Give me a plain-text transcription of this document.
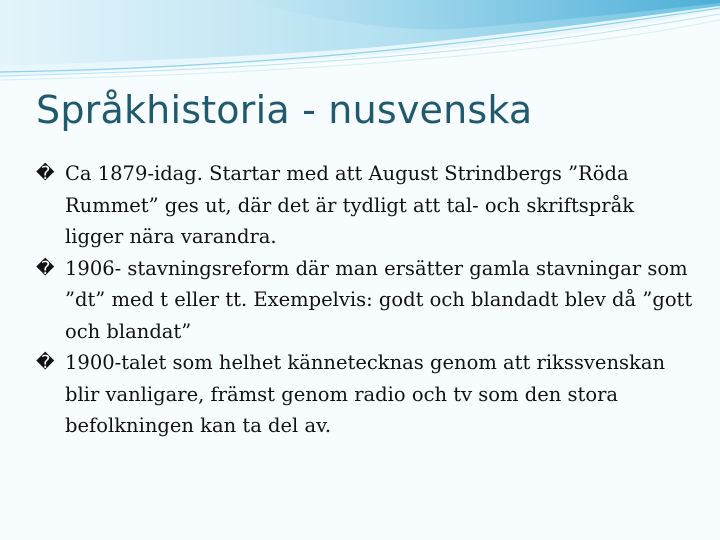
Språkhistoria - nusvenska

� Ca 1879-idag. Startar med att August Strindbergs ”Röda Rummet” ges ut, där det är tydligt att tal- och skriftspråk ligger nära varandra.

� 1906- stavningsreform där man ersätter gamla stavningar som ”dt” med t eller tt. Exempelvis: godt och blandadt blev då ”gott och blandat”

� 1900-talet som helhet kännetecknas genom att rikssvenskan blir vanligare, främst genom radio och tv som den stora befolkningen kan ta del av.
